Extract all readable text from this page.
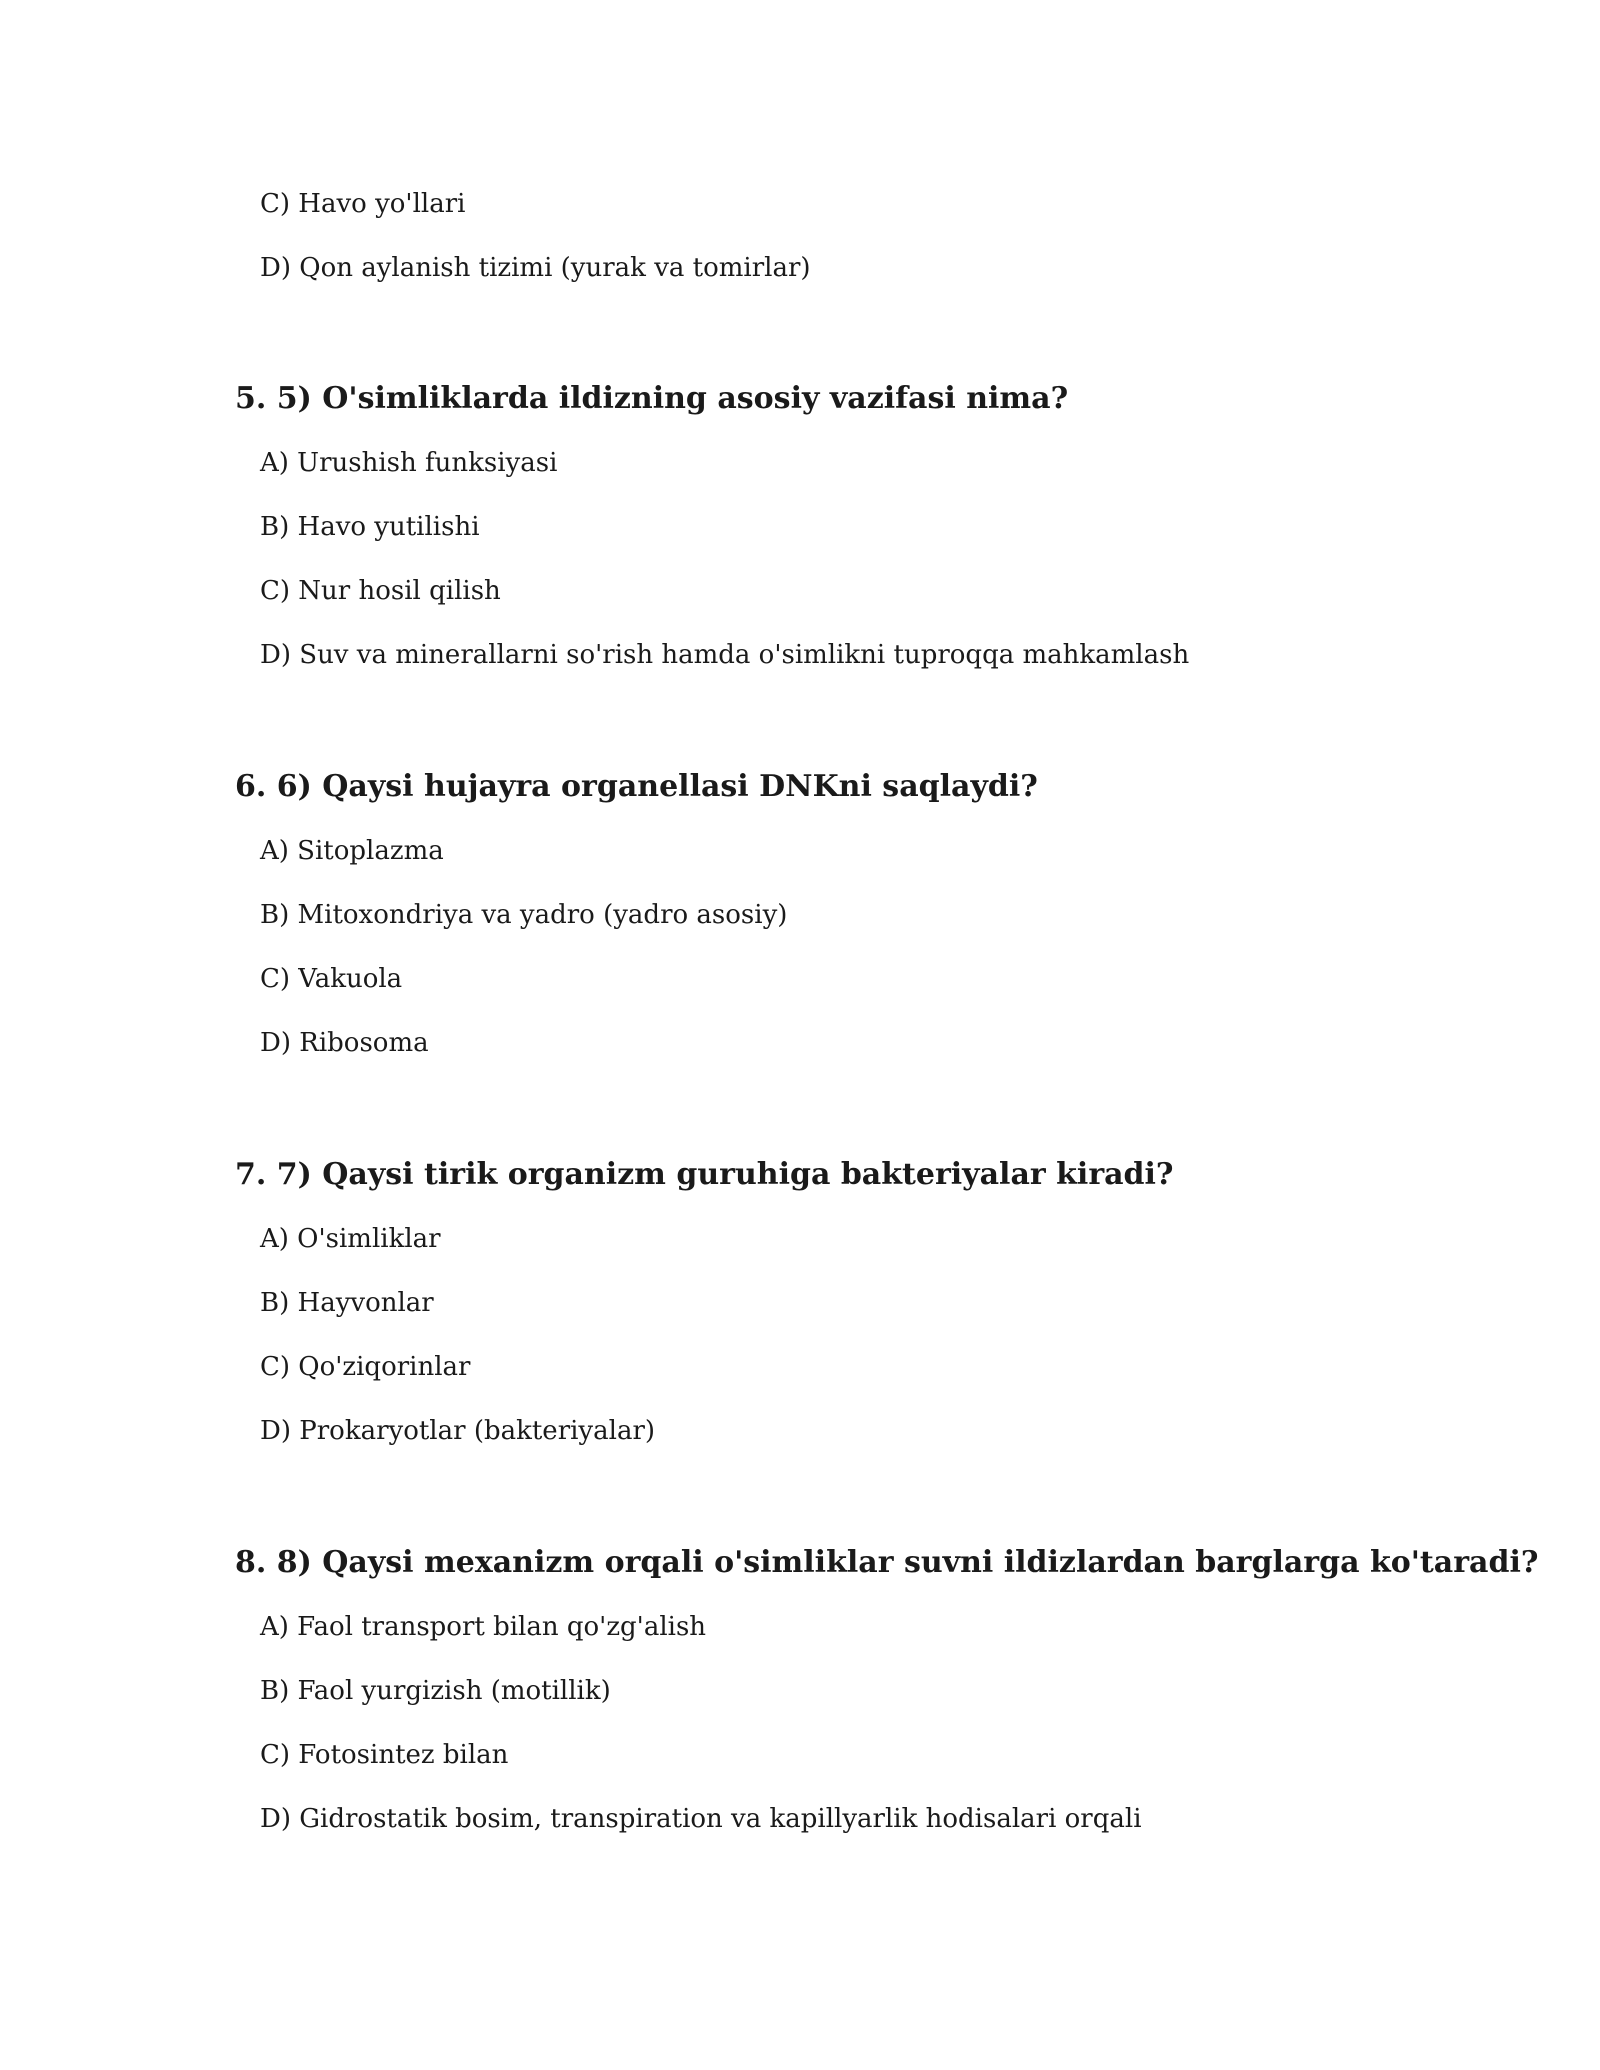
C) Havo yo'llari
D) Qon aylanish tizimi (yurak va tomirlar)
5. 5) O'simliklarda ildizning asosiy vazifasi nima?
A) Urushish funksiyasi
B) Havo yutilishi
C) Nur hosil qilish
D) Suv va minerallarni so'rish hamda o'simlikni tuproqqa mahkamlash
6. 6) Qaysi hujayra organellasi DNKni saqlaydi?
A) Sitoplazma
B) Mitoxondriya va yadro (yadro asosiy)
C) Vakuola
D) Ribosoma
7. 7) Qaysi tirik organizm guruhiga bakteriyalar kiradi?
A) O'simliklar
B) Hayvonlar
C) Qo'ziqorinlar
D) Prokaryotlar (bakteriyalar)
8. 8) Qaysi mexanizm orqali o'simliklar suvni ildizlardan barglarga ko'taradi?
A) Faol transport bilan qo'zg'alish
B) Faol yurgizish (motillik)
C) Fotosintez bilan
D) Gidrostatik bosim, transpiration va kapillyarlik hodisalari orqali
